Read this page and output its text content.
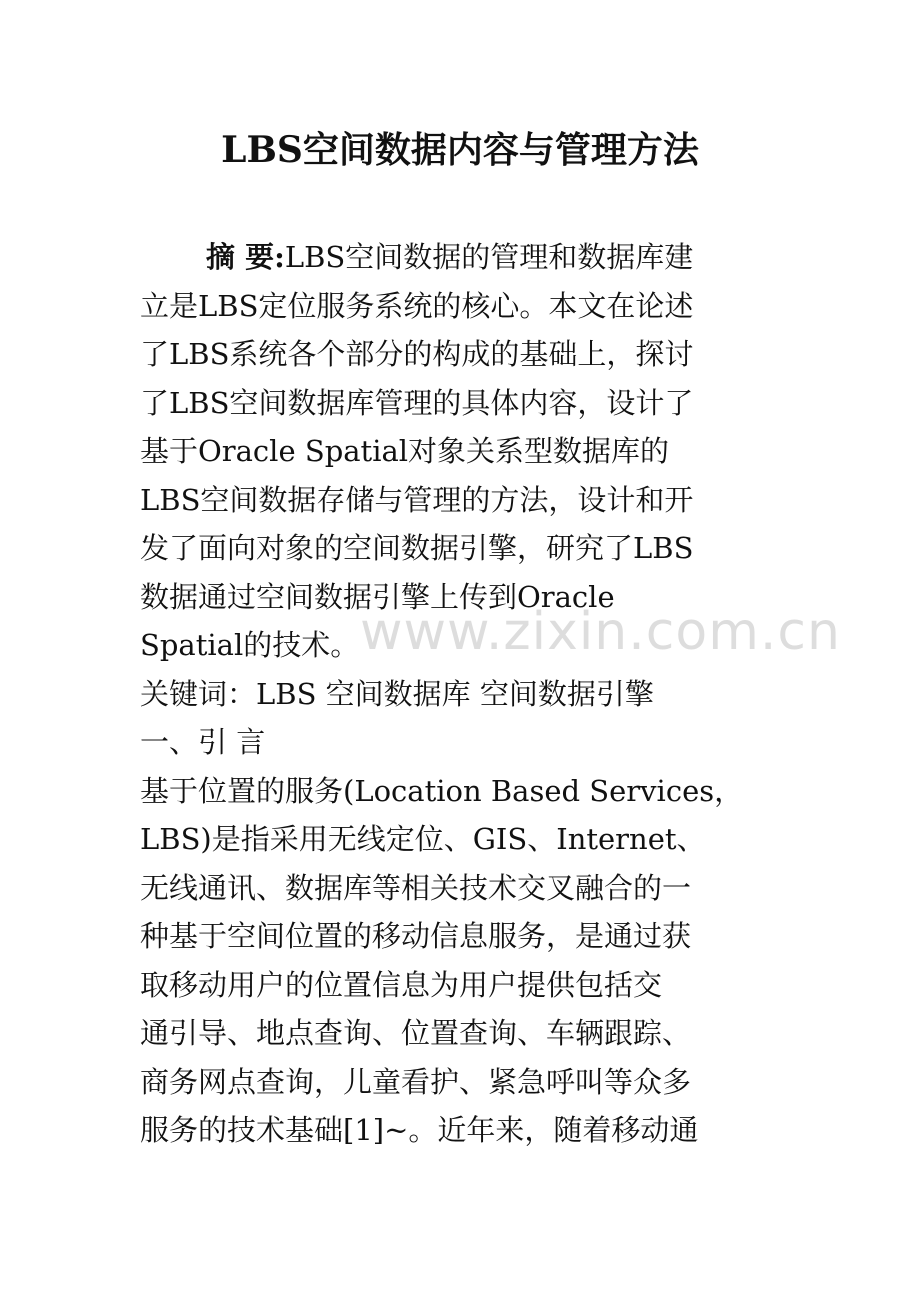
LBS空间数据内容与管理方法
摘 要:LBS空间数据的管理和数据库建
立是LBS定位服务系统的核心。本文在论述
了LBS系统各个部分的构成的基础上，探讨
了LBS空间数据库管理的具体内容，设计了
基于Oracle Spatial对象关系型数据库的
LBS空间数据存储与管理的方法，设计和开
发了面向对象的空间数据引擎，研究了LBS
数据通过空间数据引擎上传到Oracle
Spatial的技术。
关键词：LBS 空间数据库 空间数据引擎
一、引 言
基于位置的服务(Location Based Services，
LBS)是指采用无线定位、GIS、Internet、
无线通讯、数据库等相关技术交叉融合的一
种基于空间位置的移动信息服务，是通过获
取移动用户的位置信息为用户提供包括交
通引导、地点查询、位置查询、车辆跟踪、
商务网点查询，儿童看护、紧急呼叫等众多
服务的技术基础[1]~。近年来，随着移动通
www.zixin.com.cn
